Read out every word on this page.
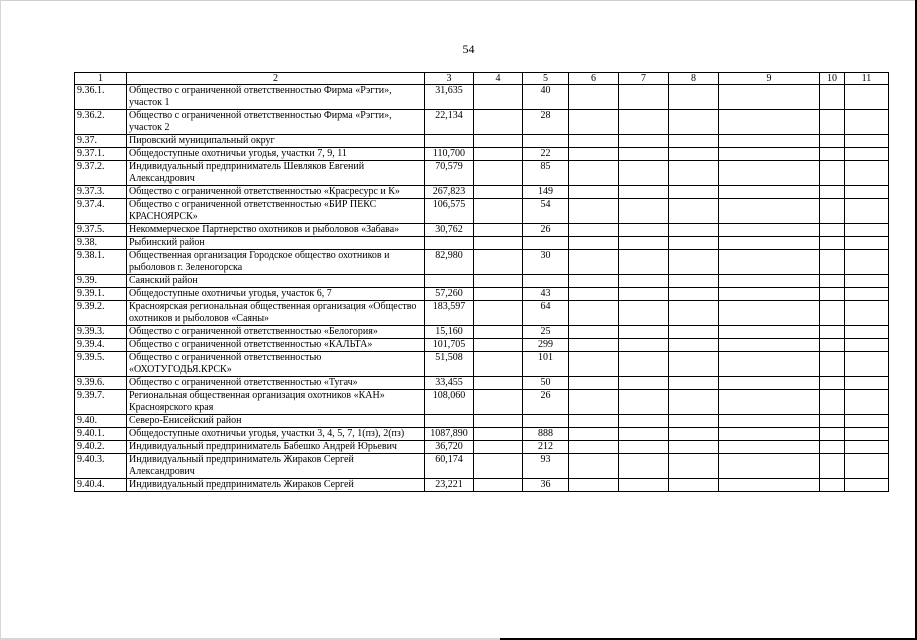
54
1	2	3	4	5	6	7	8	9	10	11
9.36.1.	Общество с ограниченной ответственностью Фирма «Рэгти», участок 1	31,635		40						
9.36.2.	Общество с ограниченной ответственностью Фирма «Рэгти», участок 2	22,134		28						
9.37.	Пировский муниципальный округ									
9.37.1.	Общедоступные охотничьи угодья, участки 7, 9, 11	110,700		22						
9.37.2.	Индивидуальный предприниматель Шевляков Евгений Александрович	70,579		85						
9.37.3.	Общество с ограниченной ответственностью «Красресурс и К»	267,823		149						
9.37.4.	Общество с ограниченной ответственностью «БИР ПЕКС КРАСНОЯРСК»	106,575		54						
9.37.5.	Некоммерческое Партнерство охотников и рыболовов «Забава»	30,762		26						
9.38.	Рыбинский район									
9.38.1.	Общественная организация Городское общество охотников и рыболовов г. Зеленогорска	82,980		30						
9.39.	Саянский район									
9.39.1.	Общедоступные охотничьи угодья, участок 6, 7	57,260		43						
9.39.2.	Красноярская региональная общественная организация «Общество охотников и рыболовов «Саяны»	183,597		64						
9.39.3.	Общество с ограниченной ответственностью «Белогория»	15,160		25						
9.39.4.	Общество с ограниченной ответственностью «КАЛЬТА»	101,705		299						
9.39.5.	Общество с ограниченной ответственностью «ОХОТУГОДЬЯ.КРСК»	51,508		101						
9.39.6.	Общество с ограниченной ответственностью «Тугач»	33,455		50						
9.39.7.	Региональная общественная организация охотников «КАН» Красноярского края	108,060		26						
9.40.	Северо-Енисейский район									
9.40.1.	Общедоступные охотничьи угодья, участки 3, 4, 5, 7, 1(пз), 2(пз)	1087,890		888						
9.40.2.	Индивидуальный предприниматель Бабешко Андрей Юрьевич	36,720		212						
9.40.3.	Индивидуальный предприниматель Жираков Сергей Александрович	60,174		93						
9.40.4.	Индивидуальный предприниматель Жираков Сергей	23,221		36						
